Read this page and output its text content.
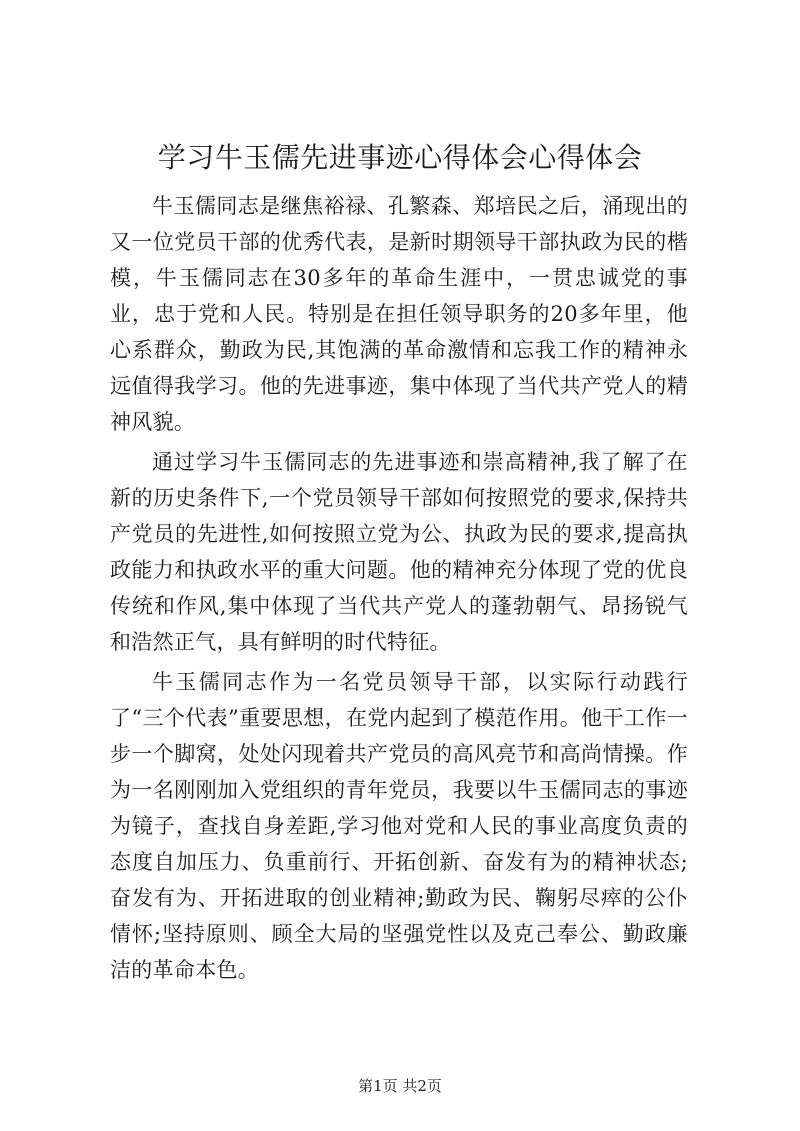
学习牛玉儒先进事迹心得体会心得体会

牛玉儒同志是继焦裕禄、孔繁森、郑培民之后，涌现出的又一位党员干部的优秀代表，是新时期领导干部执政为民的楷模，牛玉儒同志在30多年的革命生涯中，一贯忠诚党的事业，忠于党和人民。特别是在担任领导职务的20多年里，他心系群众，勤政为民,其饱满的革命激情和忘我工作的精神永远值得我学习。他的先进事迹，集中体现了当代共产党人的精神风貌。

通过学习牛玉儒同志的先进事迹和崇高精神,我了解了在新的历史条件下,一个党员领导干部如何按照党的要求,保持共产党员的先进性,如何按照立党为公、执政为民的要求,提高执政能力和执政水平的重大问题。他的精神充分体现了党的优良传统和作风,集中体现了当代共产党人的蓬勃朝气、昂扬锐气和浩然正气，具有鲜明的时代特征。

牛玉儒同志作为一名党员领导干部，以实际行动践行了“三个代表”重要思想，在党内起到了模范作用。他干工作一步一个脚窝，处处闪现着共产党员的高风亮节和高尚情操。作为一名刚刚加入党组织的青年党员，我要以牛玉儒同志的事迹为镜子，查找自身差距,学习他对党和人民的事业高度负责的态度自加压力、负重前行、开拓创新、奋发有为的精神状态;奋发有为、开拓进取的创业精神;勤政为民、鞠躬尽瘁的公仆情怀;坚持原则、顾全大局的坚强党性以及克己奉公、勤政廉洁的革命本色。

第1页 共2页
